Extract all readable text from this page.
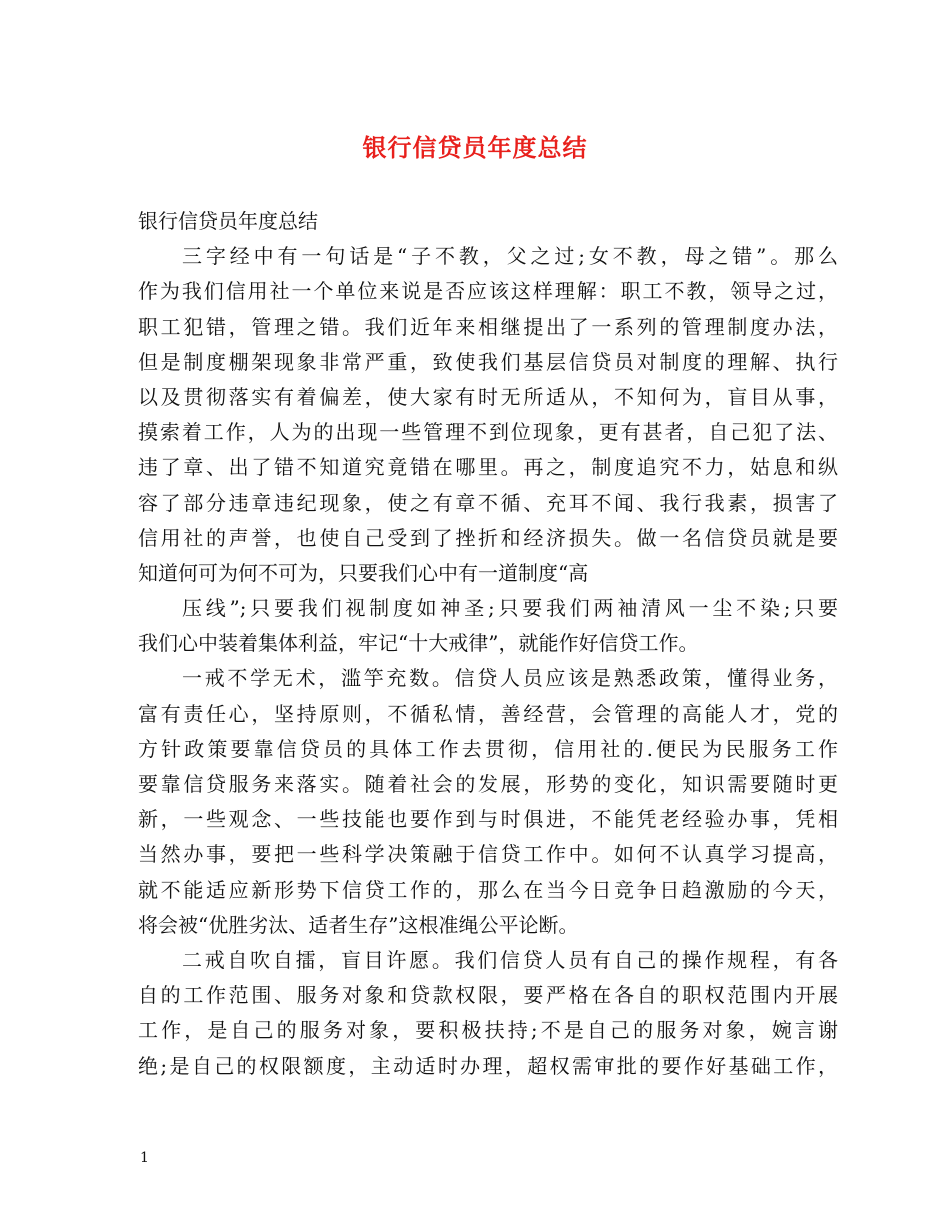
银行信贷员年度总结
银行信贷员年度总结
三字经中有一句话是“子不教，父之过;女不教，母之错”。那么
作为我们信用社一个单位来说是否应该这样理解：职工不教，领导之过，
职工犯错，管理之错。我们近年来相继提出了一系列的管理制度办法，
但是制度棚架现象非常严重，致使我们基层信贷员对制度的理解、执行
以及贯彻落实有着偏差，使大家有时无所适从，不知何为，盲目从事，
摸索着工作，人为的出现一些管理不到位现象，更有甚者，自己犯了法、
违了章、出了错不知道究竟错在哪里。再之，制度追究不力，姑息和纵
容了部分违章违纪现象，使之有章不循、充耳不闻、我行我素，损害了
信用社的声誉，也使自己受到了挫折和经济损失。做一名信贷员就是要
知道何可为何不可为，只要我们心中有一道制度“高
压线”;只要我们视制度如神圣;只要我们两袖清风一尘不染;只要
我们心中装着集体利益，牢记“十大戒律”，就能作好信贷工作。
一戒不学无术，滥竽充数。信贷人员应该是熟悉政策，懂得业务，
富有责任心，坚持原则，不循私情，善经营，会管理的高能人才，党的
方针政策要靠信贷员的具体工作去贯彻，信用社的.便民为民服务工作
要靠信贷服务来落实。随着社会的发展，形势的变化，知识需要随时更
新，一些观念、一些技能也要作到与时俱进，不能凭老经验办事，凭相
当然办事，要把一些科学决策融于信贷工作中。如何不认真学习提高，
就不能适应新形势下信贷工作的，那么在当今日竞争日趋激励的今天，
将会被“优胜劣汰、适者生存”这根准绳公平论断。
二戒自吹自擂，盲目许愿。我们信贷人员有自己的操作规程，有各
自的工作范围、服务对象和贷款权限，要严格在各自的职权范围内开展
工作，是自己的服务对象，要积极扶持;不是自己的服务对象，婉言谢
绝;是自己的权限额度，主动适时办理，超权需审批的要作好基础工作，
1
